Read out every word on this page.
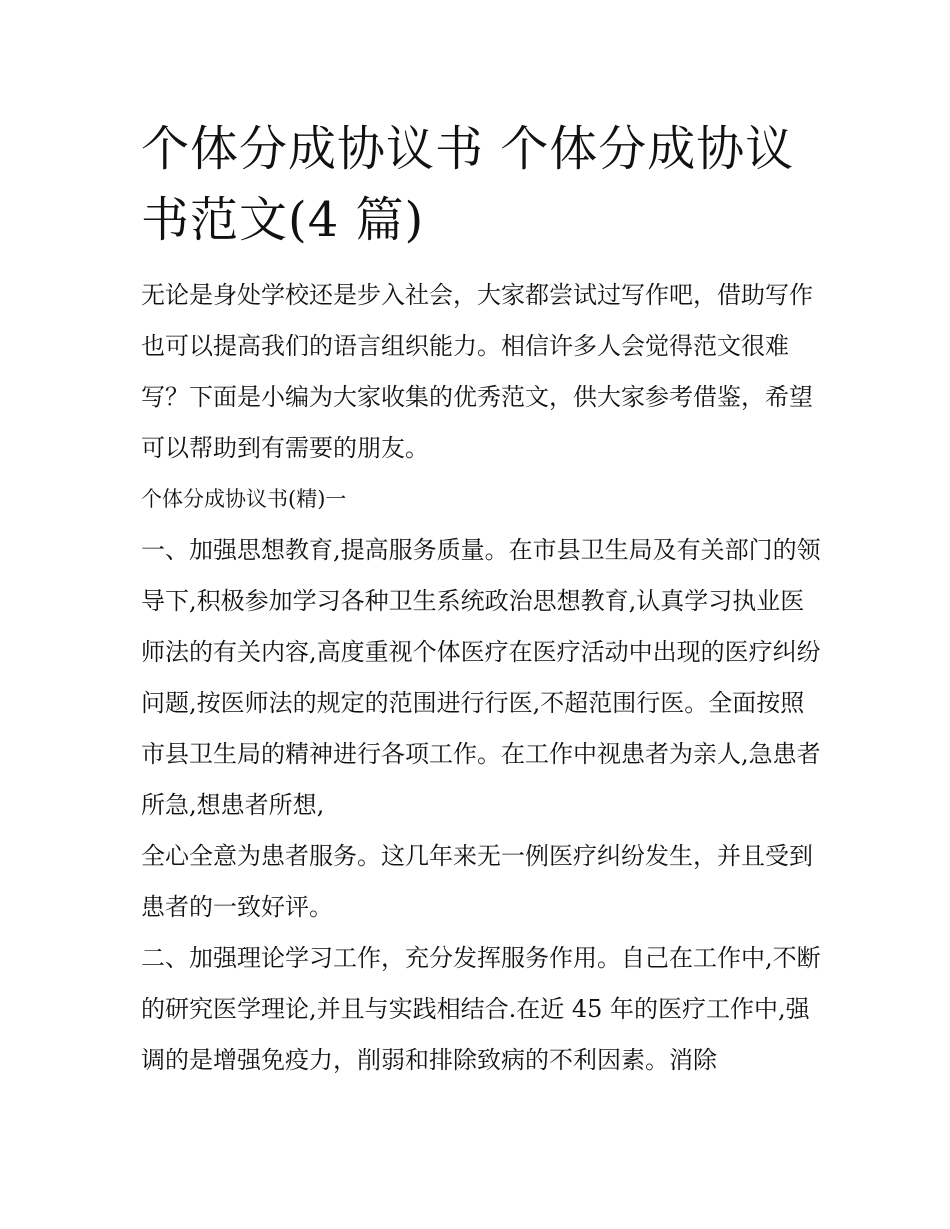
个体分成协议书 个体分成协议书范文(4 篇)

无论是身处学校还是步入社会，大家都尝试过写作吧，借助写作也可以提高我们的语言组织能力。相信许多人会觉得范文很难写？下面是小编为大家收集的优秀范文，供大家参考借鉴，希望可以帮助到有需要的朋友。

个体分成协议书(精)一

一、加强思想教育,提高服务质量。在市县卫生局及有关部门的领导下,积极参加学习各种卫生系统政治思想教育,认真学习执业医师法的有关内容,高度重视个体医疗在医疗活动中出现的医疗纠纷问题,按医师法的规定的范围进行行医,不超范围行医。全面按照市县卫生局的精神进行各项工作。在工作中视患者为亲人,急患者所急,想患者所想,

全心全意为患者服务。这几年来无一例医疗纠纷发生，并且受到患者的一致好评。

二、加强理论学习工作，充分发挥服务作用。自己在工作中,不断的研究医学理论,并且与实践相结合.在近 45 年的医疗工作中,强调的是增强免疫力，削弱和排除致病的不利因素。消除
